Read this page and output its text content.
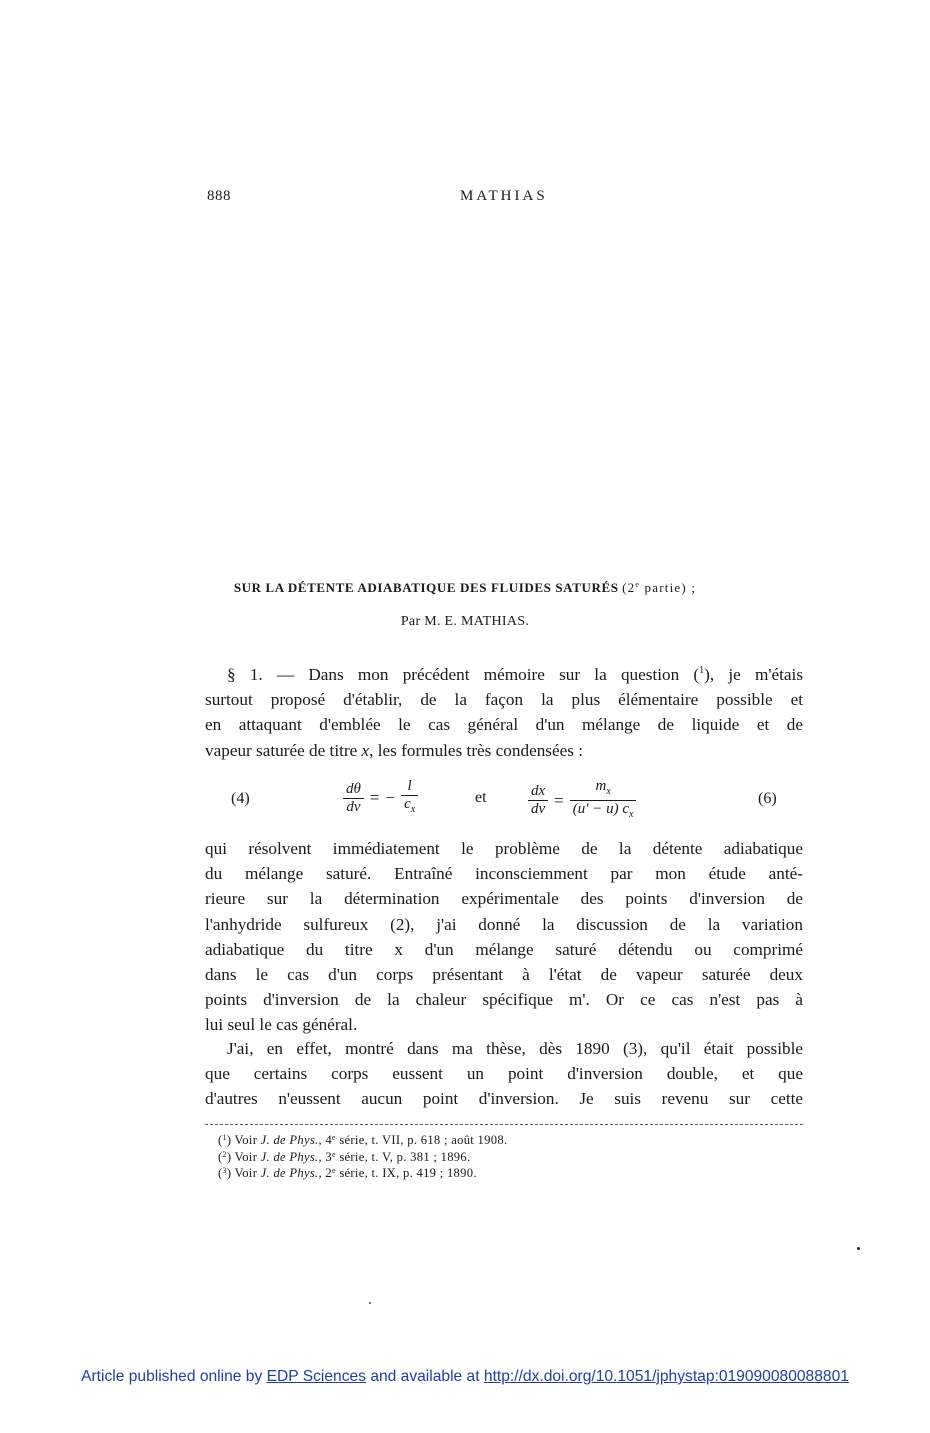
888	MATHIAS
SUR LA DÉTENTE ADIABATIQUE DES FLUIDES SATURÉS (2e partie) ;
Par M. E. MATHIAS.
§ 1. — Dans mon précédent mémoire sur la question ($^1$), je m'étais
surtout proposé d'établir, de la façon la plus élémentaire possible et
en attaquant d'emblée le cas général d'un mélange de liquide et de
vapeur saturée de titre x, les formules très condensées :
(4)	$\frac{d\theta}{dv}$ = − $\frac{l}{c_x}$	et	$\frac{dx}{dv} = \frac{m_x}{(u' - u) c_x}$	(6)
qui résolvent immédiatement le problème de la détente adiabatique
du mélange saturé. Entraîné inconsciemment par mon étude anté-
rieure sur la détermination expérimentale des points d'inversion de
l'anhydride sulfureux (2), j'ai donné la discussion de la variation
adiabatique du titre x d'un mélange saturé détendu ou comprimé
dans le cas d'un corps présentant à l'état de vapeur saturée deux
points d'inversion de la chaleur spécifique m'. Or ce cas n'est pas à
lui seul le cas général.
J'ai, en effet, montré dans ma thèse, dès 1890 (3), qu'il était possible
que certains corps eussent un point d'inversion double, et que
d'autres n'eussent aucun point d'inversion. Je suis revenu sur cette
($^1$) Voir J. de Phys., 4e série, t. VII, p. 618 ; août 1908.
($^2$) Voir J. de Phys., 3e série, t. V, p. 381 ; 1896.
($^3$) Voir J. de Phys., 2e série, t. IX, p. 419 ; 1890.
Article published online by EDP Sciences and available at http://dx.doi.org/10.1051/jphystap:019090080088801
